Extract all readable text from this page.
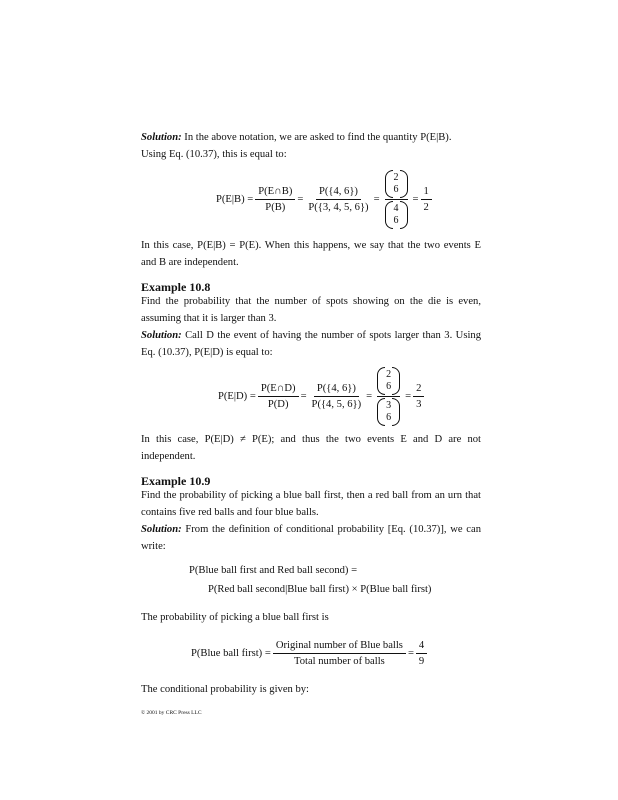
Solution: In the above notation, we are asked to find the quantity P(E|B).
Using Eq. (10.37), this is equal to:
$P(E|B) = \frac{P(E\cap B)}{P(B)} = \frac{P(\{4, 6\})}{P(\{3, 4, 5, 6\})} = 2$
6
4
$6 = \frac{1}{2}$
In this case, P(E|B) = P(E). When this happens, we say that the two events E and B are independent.
Example 10.8
Find the probability that the number of spots showing on the die is even, assuming that it is larger than 3.
Solution: Call D the event of having the number of spots larger than 3. Using Eq. (10.37), P(E|D) is equal to:
$P(E|D) = \frac{P(E\cap D)}{P(D)} = \frac{P(\{4, 6\})}{P(\{4, 5, 6\})} = 2$
6
3
$6 = \frac{2}{3}$
In this case, P(E|D) ≠ P(E); and thus the two events E and D are not independent.
Example 10.9
Find the probability of picking a blue ball first, then a red ball from an urn that contains five red balls and four blue balls.
Solution: From the definition of conditional probability [Eq. (10.37)], we can write:
P(Blue ball first and Red ball second) =
P(Red ball second|Blue ball first) × P(Blue ball first)
The probability of picking a blue ball first is
P(Blue ball first) = $\frac{\text{Original number of Blue balls}}{\text{Total number of balls}} = \frac{4}{9}$
The conditional probability is given by:
© 2001 by CRC Press LLC
